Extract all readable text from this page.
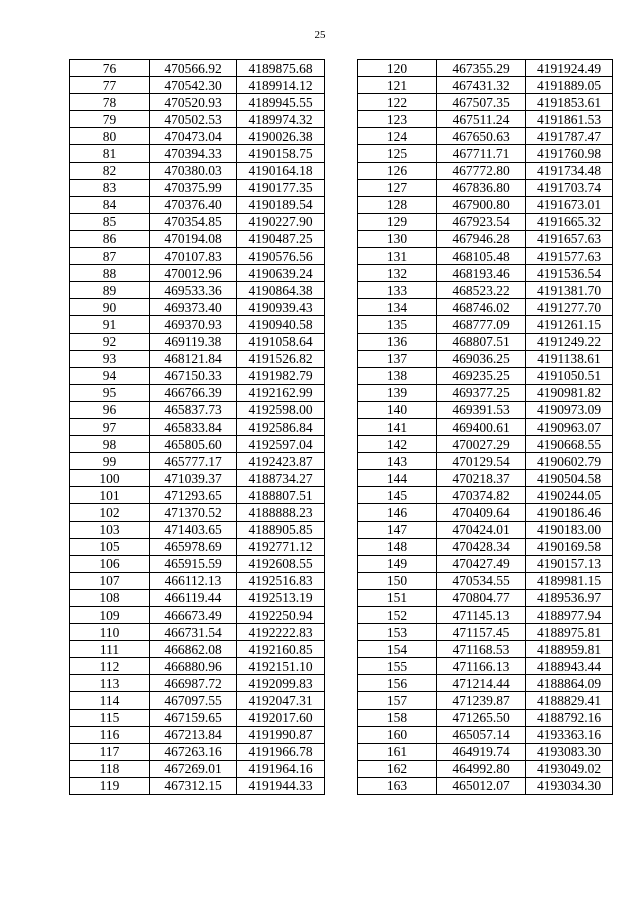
25
76	470566.92	4189875.68
77	470542.30	4189914.12
78	470520.93	4189945.55
79	470502.53	4189974.32
80	470473.04	4190026.38
81	470394.33	4190158.75
82	470380.03	4190164.18
83	470375.99	4190177.35
84	470376.40	4190189.54
85	470354.85	4190227.90
86	470194.08	4190487.25
87	470107.83	4190576.56
88	470012.96	4190639.24
89	469533.36	4190864.38
90	469373.40	4190939.43
91	469370.93	4190940.58
92	469119.38	4191058.64
93	468121.84	4191526.82
94	467150.33	4191982.79
95	466766.39	4192162.99
96	465837.73	4192598.00
97	465833.84	4192586.84
98	465805.60	4192597.04
99	465777.17	4192423.87
100	471039.37	4188734.27
101	471293.65	4188807.51
102	471370.52	4188888.23
103	471403.65	4188905.85
105	465978.69	4192771.12
106	465915.59	4192608.55
107	466112.13	4192516.83
108	466119.44	4192513.19
109	466673.49	4192250.94
110	466731.54	4192222.83
111	466862.08	4192160.85
112	466880.96	4192151.10
113	466987.72	4192099.83
114	467097.55	4192047.31
115	467159.65	4192017.60
116	467213.84	4191990.87
117	467263.16	4191966.78
118	467269.01	4191964.16
119	467312.15	4191944.33
120	467355.29	4191924.49
121	467431.32	4191889.05
122	467507.35	4191853.61
123	467511.24	4191861.53
124	467650.63	4191787.47
125	467711.71	4191760.98
126	467772.80	4191734.48
127	467836.80	4191703.74
128	467900.80	4191673.01
129	467923.54	4191665.32
130	467946.28	4191657.63
131	468105.48	4191577.63
132	468193.46	4191536.54
133	468523.22	4191381.70
134	468746.02	4191277.70
135	468777.09	4191261.15
136	468807.51	4191249.22
137	469036.25	4191138.61
138	469235.25	4191050.51
139	469377.25	4190981.82
140	469391.53	4190973.09
141	469400.61	4190963.07
142	470027.29	4190668.55
143	470129.54	4190602.79
144	470218.37	4190504.58
145	470374.82	4190244.05
146	470409.64	4190186.46
147	470424.01	4190183.00
148	470428.34	4190169.58
149	470427.49	4190157.13
150	470534.55	4189981.15
151	470804.77	4189536.97
152	471145.13	4188977.94
153	471157.45	4188975.81
154	471168.53	4188959.81
155	471166.13	4188943.44
156	471214.44	4188864.09
157	471239.87	4188829.41
158	471265.50	4188792.16
160	465057.14	4193363.16
161	464919.74	4193083.30
162	464992.80	4193049.02
163	465012.07	4193034.30
